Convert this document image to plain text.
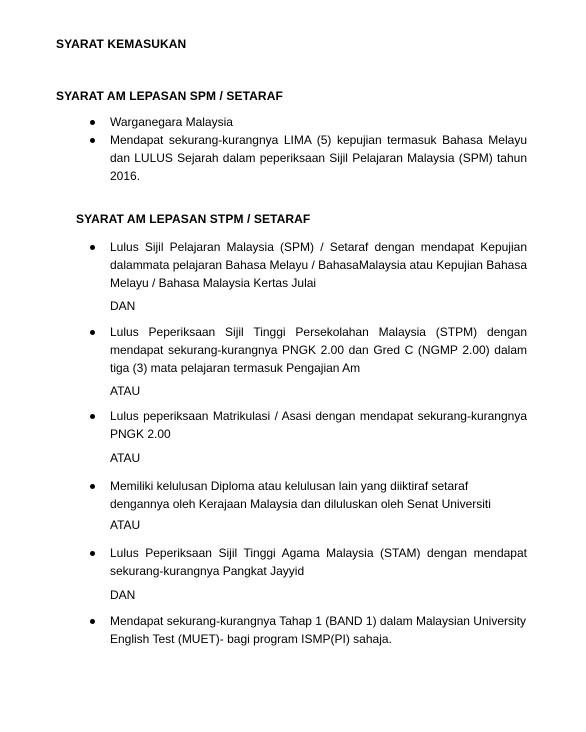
SYARAT KEMASUKAN
SYARAT AM LEPASAN SPM / SETARAF
Warganegara Malaysia
Mendapat sekurang-kurangnya LIMA (5) kepujian termasuk Bahasa Melayu dan LULUS Sejarah dalam peperiksaan Sijil Pelajaran Malaysia (SPM) tahun 2016.
SYARAT AM LEPASAN STPM / SETARAF
Lulus Sijil Pelajaran Malaysia (SPM) / Setaraf dengan mendapat Kepujian dalammata pelajaran Bahasa Melayu / BahasaMalaysia atau Kepujian Bahasa Melayu / Bahasa Malaysia Kertas Julai
DAN
Lulus Peperiksaan Sijil Tinggi Persekolahan Malaysia (STPM) dengan mendapat sekurang-kurangnya PNGK 2.00 dan Gred C (NGMP 2.00) dalam tiga (3) mata pelajaran termasuk Pengajian Am
ATAU
Lulus peperiksaan Matrikulasi / Asasi dengan mendapat sekurang-kurangnya PNGK 2.00
ATAU
Memiliki kelulusan Diploma atau kelulusan lain yang diiktiraf setaraf dengannya oleh Kerajaan Malaysia dan diluluskan oleh Senat Universiti
ATAU
Lulus Peperiksaan Sijil Tinggi Agama Malaysia (STAM) dengan mendapat sekurang-kurangnya Pangkat Jayyid
DAN
Mendapat sekurang-kurangnya Tahap 1 (BAND 1) dalam Malaysian University English Test (MUET)- bagi program ISMP(PI) sahaja.
